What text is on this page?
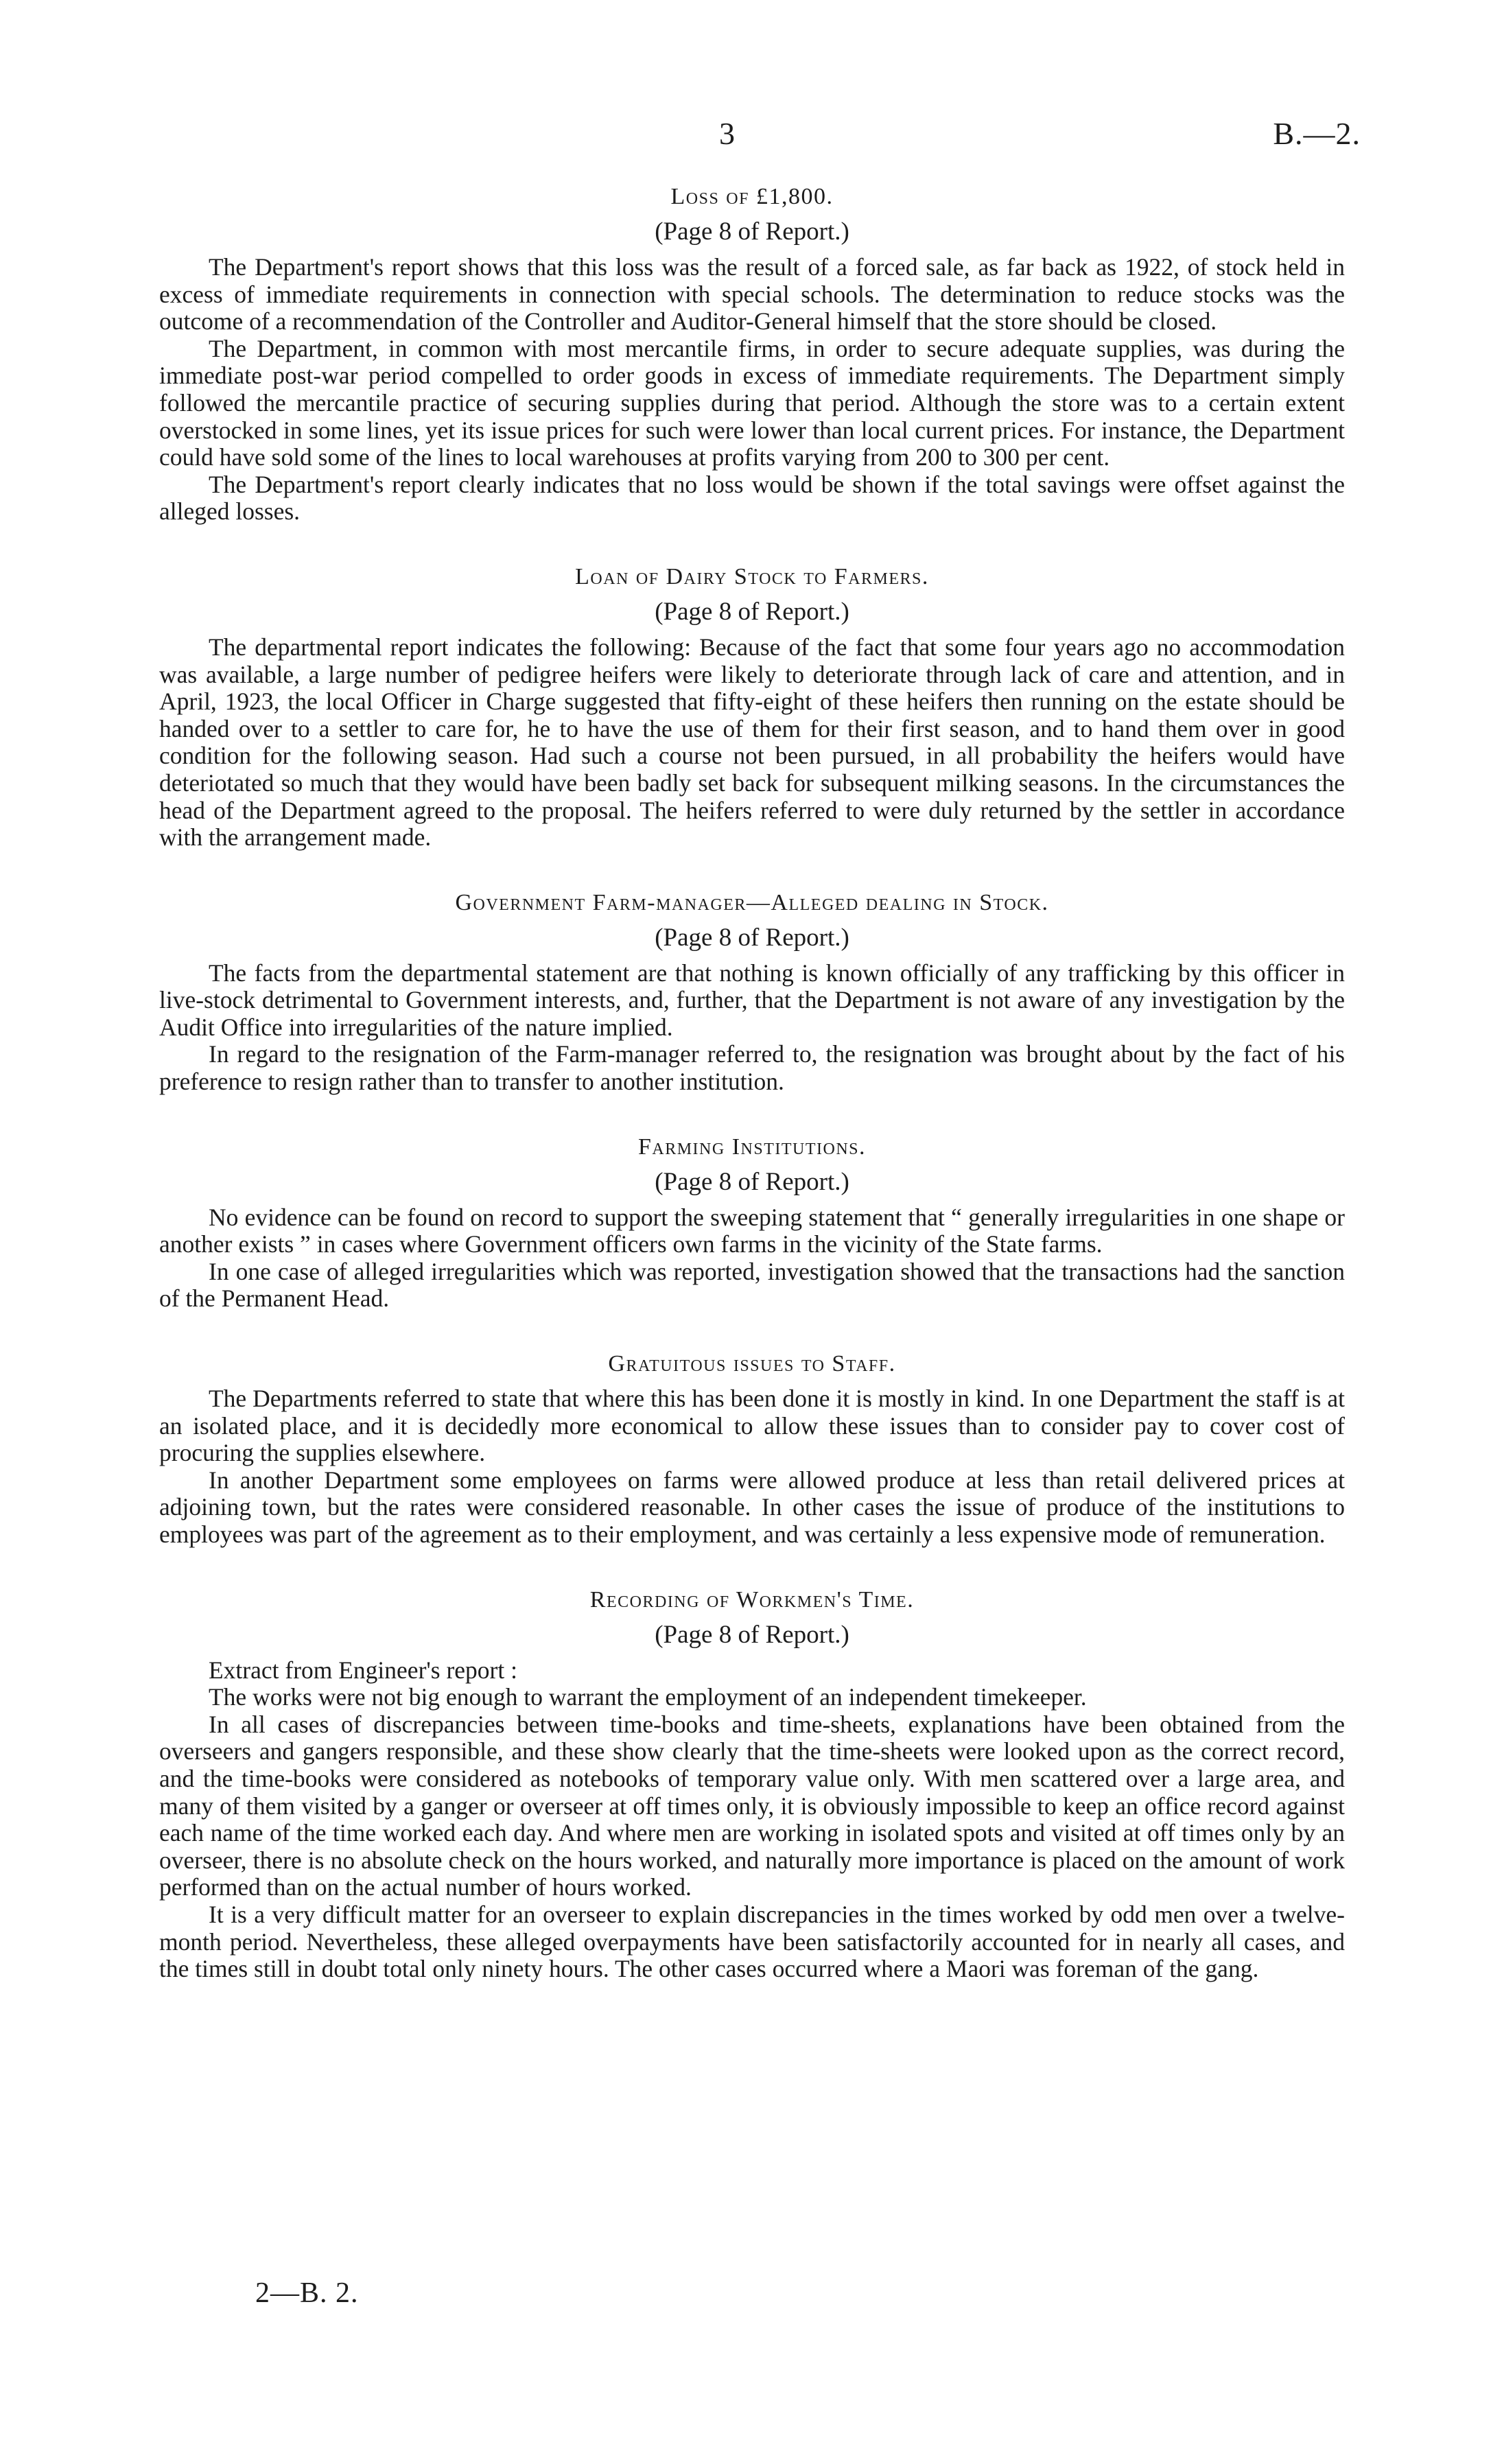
3	B.—2.

Loss of £1,800.

(Page 8 of Report.)

The Department's report shows that this loss was the result of a forced sale, as far back as 1922, of stock held in excess of immediate requirements in connection with special schools. The determination to reduce stocks was the outcome of a recommendation of the Controller and Auditor-General himself that the store should be closed.

The Department, in common with most mercantile firms, in order to secure adequate supplies, was during the immediate post-war period compelled to order goods in excess of immediate requirements. The Department simply followed the mercantile practice of securing supplies during that period. Although the store was to a certain extent overstocked in some lines, yet its issue prices for such were lower than local current prices. For instance, the Department could have sold some of the lines to local warehouses at profits varying from 200 to 300 per cent.

The Department's report clearly indicates that no loss would be shown if the total savings were offset against the alleged losses.

Loan of Dairy Stock to Farmers.

(Page 8 of Report.)

The departmental report indicates the following: Because of the fact that some four years ago no accommodation was available, a large number of pedigree heifers were likely to deteriorate through lack of care and attention, and in April, 1923, the local Officer in Charge suggested that fifty-eight of these heifers then running on the estate should be handed over to a settler to care for, he to have the use of them for their first season, and to hand them over in good condition for the following season. Had such a course not been pursued, in all probability the heifers would have deteriotated so much that they would have been badly set back for subsequent milking seasons. In the circumstances the head of the Department agreed to the proposal. The heifers referred to were duly returned by the settler in accordance with the arrangement made.

Government Farm-manager—Alleged dealing in Stock.

(Page 8 of Report.)

The facts from the departmental statement are that nothing is known officially of any trafficking by this officer in live-stock detrimental to Government interests, and, further, that the Department is not aware of any investigation by the Audit Office into irregularities of the nature implied.

In regard to the resignation of the Farm-manager referred to, the resignation was brought about by the fact of his preference to resign rather than to transfer to another institution.

Farming Institutions.

(Page 8 of Report.)

No evidence can be found on record to support the sweeping statement that “ generally irregularities in one shape or another exists ” in cases where Government officers own farms in the vicinity of the State farms.

In one case of alleged irregularities which was reported, investigation showed that the transactions had the sanction of the Permanent Head.

Gratuitous issues to Staff.

The Departments referred to state that where this has been done it is mostly in kind. In one Department the staff is at an isolated place, and it is decidedly more economical to allow these issues than to consider pay to cover cost of procuring the supplies elsewhere.

In another Department some employees on farms were allowed produce at less than retail delivered prices at adjoining town, but the rates were considered reasonable. In other cases the issue of produce of the institutions to employees was part of the agreement as to their employment, and was certainly a less expensive mode of remuneration.

Recording of Workmen's Time.

(Page 8 of Report.)

Extract from Engineer's report :

The works were not big enough to warrant the employment of an independent timekeeper.

In all cases of discrepancies between time-books and time-sheets, explanations have been obtained from the overseers and gangers responsible, and these show clearly that the time-sheets were looked upon as the correct record, and the time-books were considered as notebooks of temporary value only. With men scattered over a large area, and many of them visited by a ganger or overseer at off times only, it is obviously impossible to keep an office record against each name of the time worked each day. And where men are working in isolated spots and visited at off times only by an overseer, there is no absolute check on the hours worked, and naturally more importance is placed on the amount of work performed than on the actual number of hours worked.

It is a very difficult matter for an overseer to explain discrepancies in the times worked by odd men over a twelve-month period. Nevertheless, these alleged overpayments have been satisfactorily accounted for in nearly all cases, and the times still in doubt total only ninety hours. The other cases occurred where a Maori was foreman of the gang.

2—B. 2.
